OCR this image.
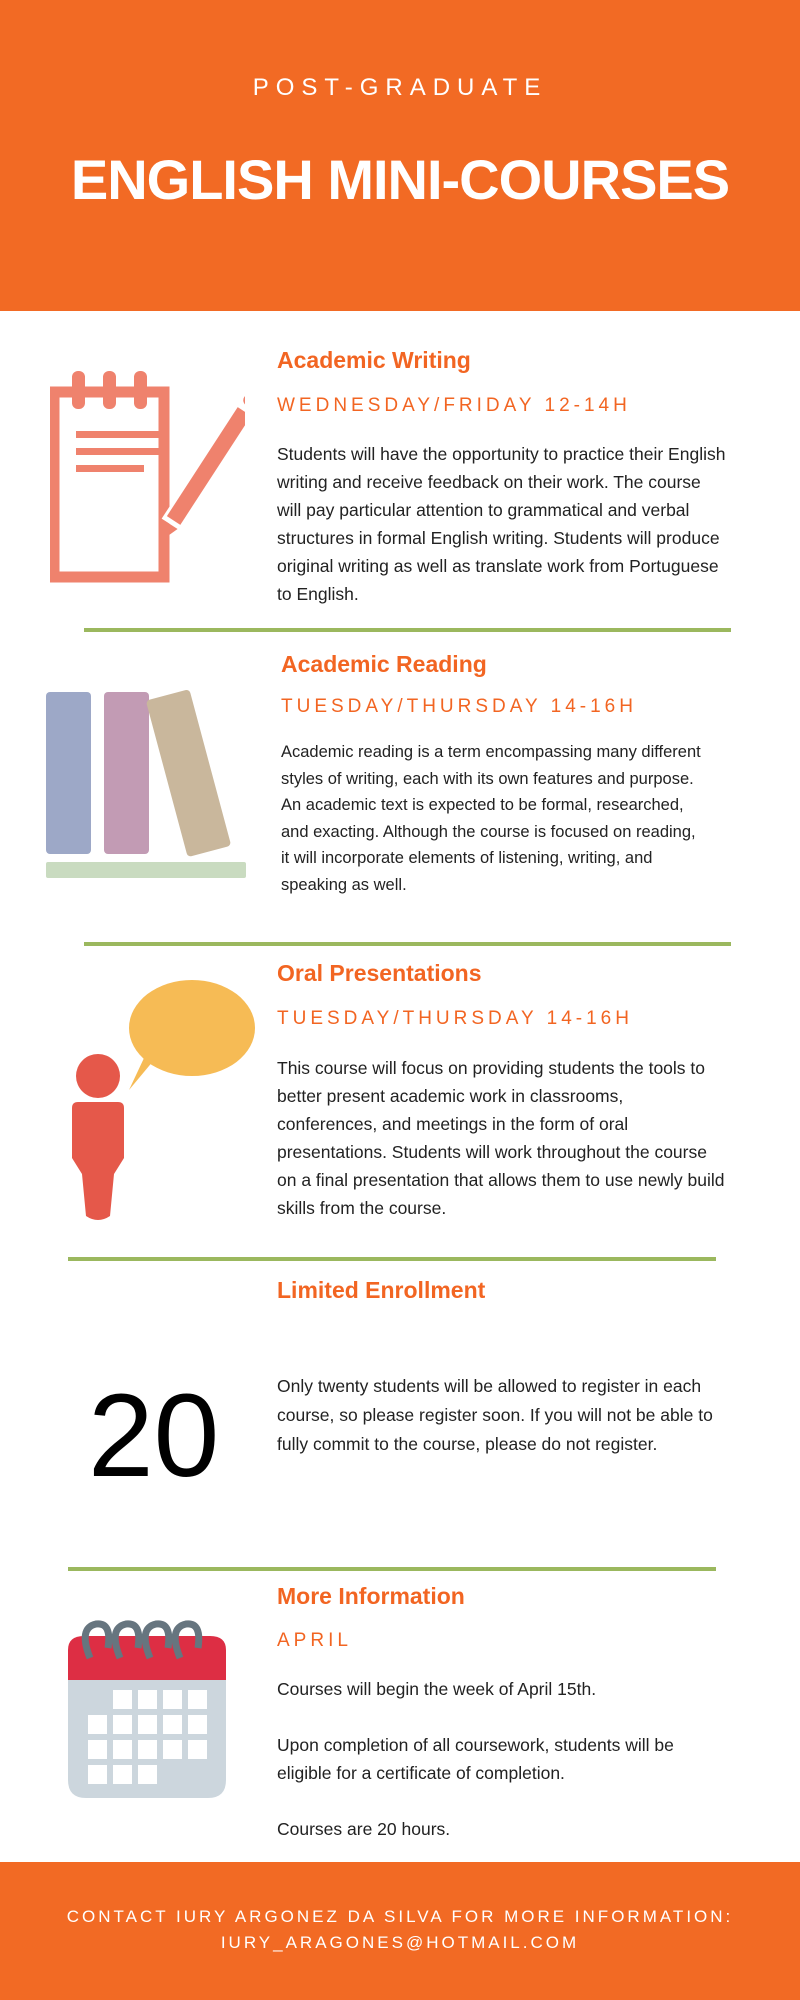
POST-GRADUATE
ENGLISH MINI-COURSES
Academic Writing
WEDNESDAY/FRIDAY 12-14H
Students will have the opportunity to practice their English writing and receive feedback on their work. The course will pay particular attention to grammatical and verbal structures in formal English writing. Students will produce original writing as well as translate work from Portuguese to English.
Academic Reading
TUESDAY/THURSDAY 14-16H
Academic reading is a term encompassing many different styles of writing, each with its own features and purpose. An academic text is expected to be formal, researched, and exacting. Although the course is focused on reading, it will incorporate elements of listening, writing, and speaking as well.
Oral Presentations
TUESDAY/THURSDAY 14-16H
This course will focus on providing students the tools to better present academic work in classrooms, conferences, and meetings in the form of oral presentations. Students will work throughout the course on a final presentation that allows them to use newly build skills from the course.
Limited Enrollment
20	Only twenty students will be allowed to register in each course, so please register soon. If you will not be able to fully commit to the course, please do not register.
More Information
APRIL
Courses will begin the week of April 15th.
Upon completion of all coursework, students will be eligible for a certificate of completion.
Courses are 20 hours.
CONTACT IURY ARGONEZ DA SILVA FOR MORE INFORMATION:
IURY_ARAGONES@HOTMAIL.COM
